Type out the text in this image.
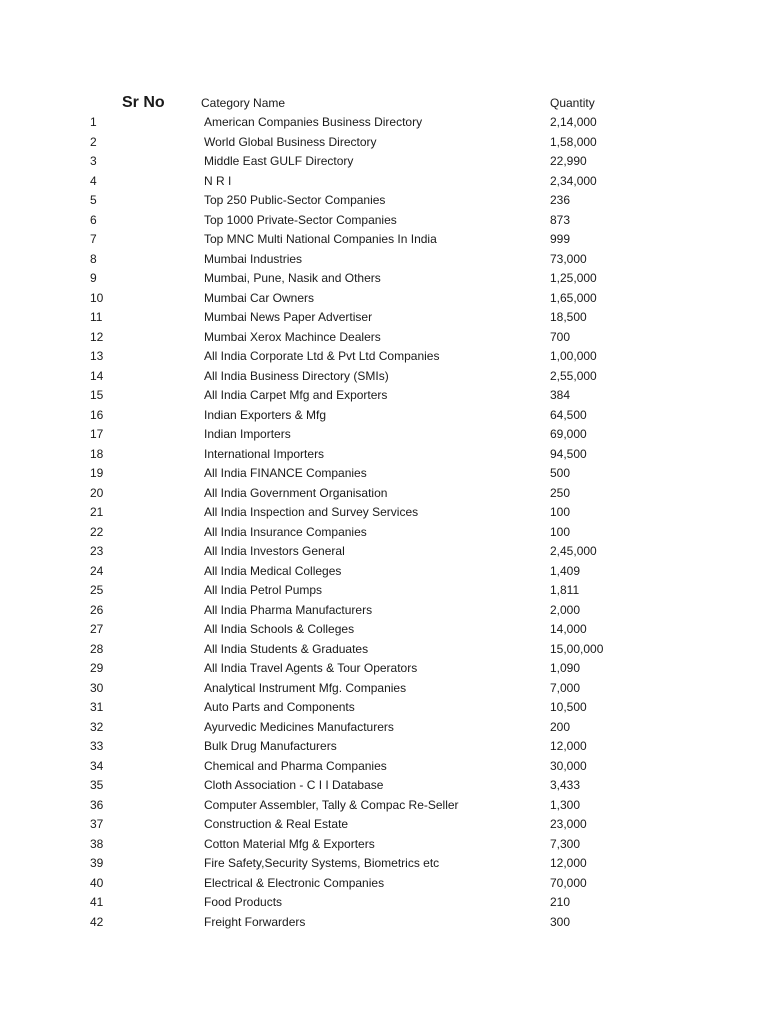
Sr No	Category Name	Quantity
1	American Companies Business Directory	2,14,000
2	World Global Business Directory	1,58,000
3	Middle East GULF Directory	22,990
4	N R I	2,34,000
5	Top 250 Public-Sector Companies	236
6	Top 1000 Private-Sector Companies	873
7	Top MNC Multi National Companies In India	999
8	Mumbai Industries	73,000
9	Mumbai, Pune, Nasik and Others	1,25,000
10	Mumbai Car Owners	1,65,000
11	Mumbai News Paper Advertiser	18,500
12	Mumbai Xerox Machince Dealers	700
13	All India Corporate Ltd & Pvt Ltd Companies	1,00,000
14	All India Business Directory (SMIs)	2,55,000
15	All India Carpet Mfg and Exporters	384
16	Indian Exporters & Mfg	64,500
17	Indian Importers	69,000
18	International Importers	94,500
19	All India FINANCE Companies	500
20	All India Government Organisation	250
21	All India Inspection and Survey Services	100
22	All India Insurance Companies	100
23	All India Investors General	2,45,000
24	All India Medical Colleges	1,409
25	All India Petrol Pumps	1,811
26	All India Pharma Manufacturers	2,000
27	All India Schools & Colleges	14,000
28	All India Students & Graduates	15,00,000
29	All India Travel Agents & Tour Operators	1,090
30	Analytical Instrument Mfg. Companies	7,000
31	Auto Parts and Components	10,500
32	Ayurvedic Medicines Manufacturers	200
33	Bulk Drug Manufacturers	12,000
34	Chemical and Pharma Companies	30,000
35	Cloth Association - C I I Database	3,433
36	Computer Assembler, Tally & Compac Re-Seller	1,300
37	Construction & Real Estate	23,000
38	Cotton Material Mfg & Exporters	7,300
39	Fire Safety,Security Systems, Biometrics etc	12,000
40	Electrical & Electronic Companies	70,000
41	Food Products	210
42	Freight Forwarders	300
